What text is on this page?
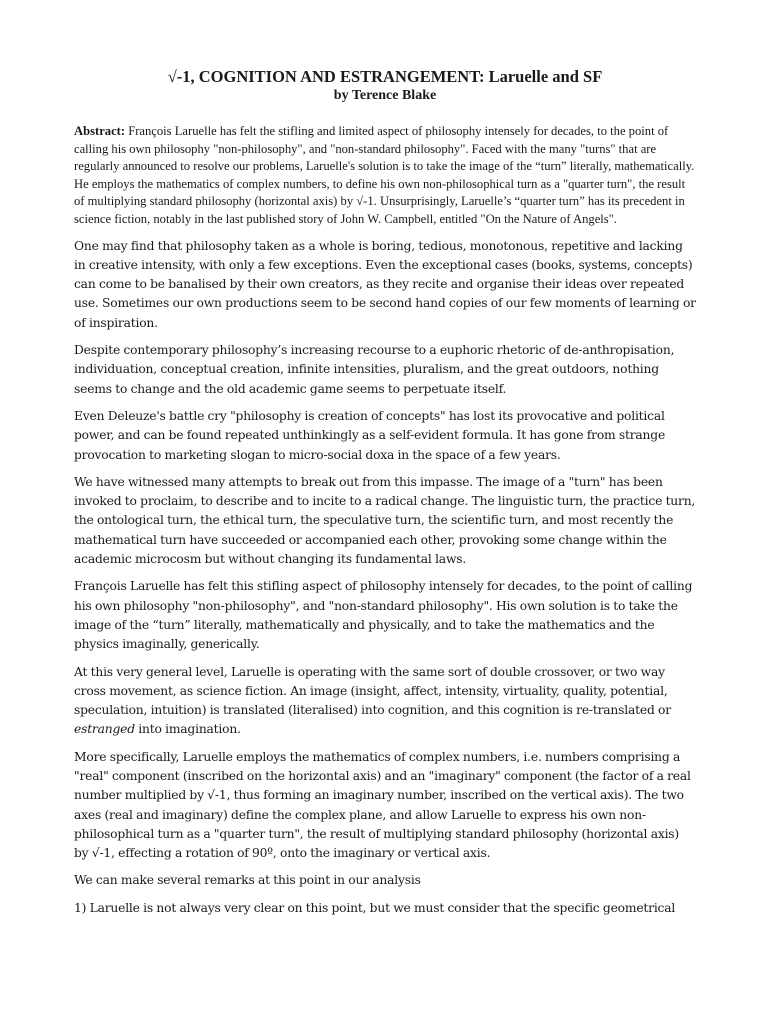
√-1, COGNITION AND ESTRANGEMENT: Laruelle and SF

by Terence Blake

Abstract: François Laruelle has felt the stifling and limited aspect of philosophy intensely for decades, to the point of calling his own philosophy "non-philosophy", and "non-standard philosophy". Faced with the many "turns" that are regularly announced to resolve our problems, Laruelle's solution is to take the image of the “turn” literally, mathematically. He employs the mathematics of complex numbers, to define his own non-philosophical turn as a "quarter turn", the result of multiplying standard philosophy (horizontal axis) by √-1. Unsurprisingly, Laruelle’s “quarter turn” has its precedent in science fiction, notably in the last published story of John W. Campbell, entitled "On the Nature of Angels".

One may find that philosophy taken as a whole is boring, tedious, monotonous, repetitive and lacking in creative intensity, with only a few exceptions. Even the exceptional cases (books, systems, concepts) can come to be banalised by their own creators, as they recite and organise their ideas over repeated use. Sometimes our own productions seem to be second hand copies of our few moments of learning or of inspiration.

Despite contemporary philosophy’s increasing recourse to a euphoric rhetoric of de-anthropisation, individuation, conceptual creation, infinite intensities, pluralism, and the great outdoors, nothing seems to change and the old academic game seems to perpetuate itself.

Even Deleuze's battle cry "philosophy is creation of concepts" has lost its provocative and political power, and can be found repeated unthinkingly as a self-evident formula. It has gone from strange provocation to marketing slogan to micro-social doxa in the space of a few years.

We have witnessed many attempts to break out from this impasse. The image of a "turn" has been invoked to proclaim, to describe and to incite to a radical change. The linguistic turn, the practice turn, the ontological turn, the ethical turn, the speculative turn, the scientific turn, and most recently the mathematical turn have succeeded or accompanied each other, provoking some change within the academic microcosm but without changing its fundamental laws.

François Laruelle has felt this stifling aspect of philosophy intensely for decades, to the point of calling his own philosophy "non-philosophy", and "non-standard philosophy". His own solution is to take the image of the “turn” literally, mathematically and physically, and to take the mathematics and the physics imaginally, generically.

At this very general level, Laruelle is operating with the same sort of double crossover, or two way cross movement, as science fiction. An image (insight, affect, intensity, virtuality, quality, potential, speculation, intuition) is translated (literalised) into cognition, and this cognition is re-translated or estranged into imagination.

More specifically, Laruelle employs the mathematics of complex numbers, i.e. numbers comprising a "real" component (inscribed on the horizontal axis) and an "imaginary" component (the factor of a real number multiplied by √-1, thus forming an imaginary number, inscribed on the vertical axis). The two axes (real and imaginary) define the complex plane, and allow Laruelle to express his own non-philosophical turn as a "quarter turn", the result of multiplying standard philosophy (horizontal axis) by √-1, effecting a rotation of 90º, onto the imaginary or vertical axis.

We can make several remarks at this point in our analysis

1) Laruelle is not always very clear on this point, but we must consider that the specific geometrical
